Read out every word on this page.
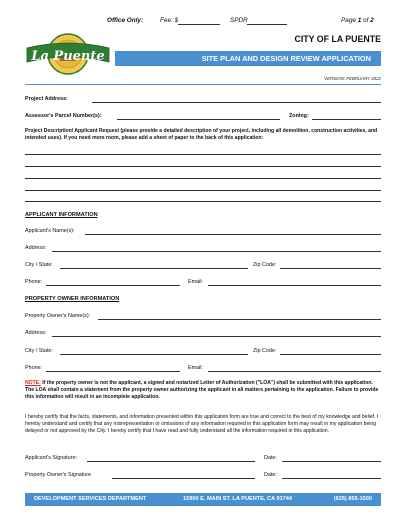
Office Only:	Fee: $	SPDR	Page 1 of 2
La Puente
CITY OF LA PUENTE
SITE PLAN AND DESIGN REVIEW APPLICATION
VERSION: FEBRUARY 2022
Project Address:
Assessor's Parcel Number(s):	Zoning:
Project Description/ Applicant Request (please provide a detailed description of your project, including all demolition, construction activities, and intended uses). If you need more room, please add a sheet of paper to the back of this application:
APPLICANT INFORMATION
Applicant's Name(s):
Address:
City / State:	Zip Code:
Phone:	Email:
PROPERTY OWNER INFORMATION
Property Owner's Name(s):
Address:
City / State:	Zip Code:
Phone:	Email:
NOTE: If the property owner is not the applicant, a signed and notarized Letter of Authorization ("LOA") shall be submitted with this application. The LOA shall contain a statement from the property owner authorizing the applicant in all matters pertaining to the application. Failure to provide this information will result in an incomplete application.
I hereby certify that the facts, statements, and information presented within this application form are true and correct to the best of my knowledge and belief. I hereby understand and certify that any misrepresentation or omissions of any information required in this application form may result in my application being delayed or not approved by the City. I hereby certify that I have read and fully understand all the information required in this application.
Applicant's Signature:	Date:
Property Owner's Signature	Date:
DEVELOPMENT SERVICES DEPARTMENT	15900 E. MAIN ST. LA PUENTE, CA 91744	(626) 855-1500
